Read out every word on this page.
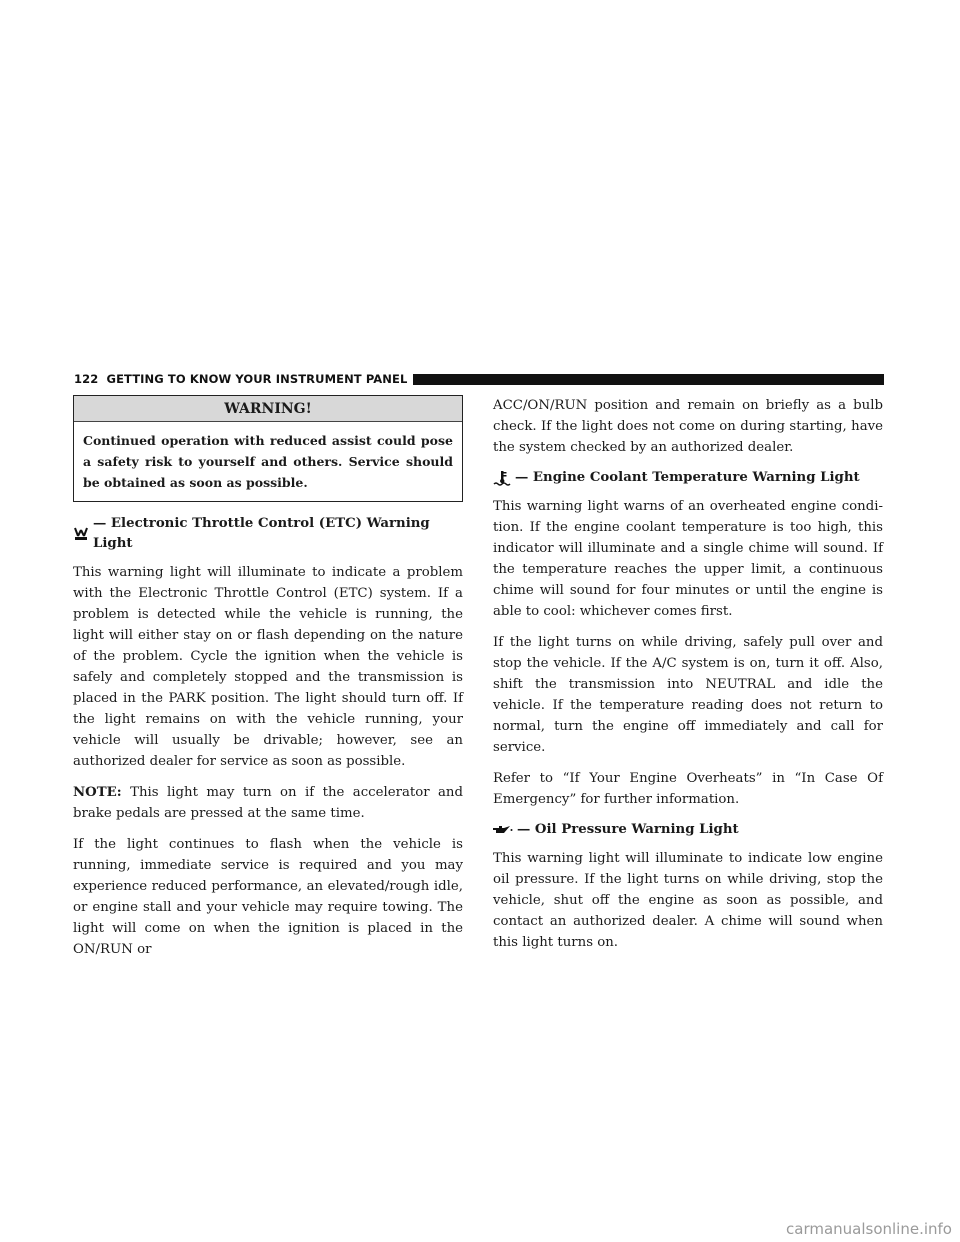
122 GETTING TO KNOW YOUR INSTRUMENT PANEL
WARNING!
Continued operation with reduced assist could pose a safety risk to yourself and others. Service should be obtained as soon as possible.
— Electronic Throttle Control (ETC) Warning Light

This warning light will illuminate to indicate a problem with the Electronic Throttle Control (ETC) system. If a problem is detected while the vehicle is running, the light will either stay on or flash depending on the nature of the problem. Cycle the ignition when the vehicle is safely and completely stopped and the transmission is placed in the PARK position. The light should turn off. If the light remains on with the vehicle running, your vehicle will usually be drivable; however, see an authorized dealer for service as soon as possible.

NOTE: This light may turn on if the accelerator and brake pedals are pressed at the same time.

If the light continues to flash when the vehicle is running, immediate service is required and you may experience reduced performance, an elevated/rough idle, or engine stall and your vehicle may require towing. The light will come on when the ignition is placed in the ON/RUN or

ACC/ON/RUN position and remain on briefly as a bulb check. If the light does not come on during starting, have the system checked by an authorized dealer.

— Engine Coolant Temperature Warning Light

This warning light warns of an overheated engine condi- tion. If the engine coolant temperature is too high, this indicator will illuminate and a single chime will sound. If the temperature reaches the upper limit, a continuous chime will sound for four minutes or until the engine is able to cool: whichever comes first.

If the light turns on while driving, safely pull over and stop the vehicle. If the A/C system is on, turn it off. Also, shift the transmission into NEUTRAL and idle the vehicle. If the temperature reading does not return to normal, turn the engine off immediately and call for service.

Refer to “If Your Engine Overheats” in “In Case Of Emergency” for further information.

— Oil Pressure Warning Light

This warning light will illuminate to indicate low engine oil pressure. If the light turns on while driving, stop the vehicle, shut off the engine as soon as possible, and contact an authorized dealer. A chime will sound when this light turns on.

carmanualsonline.info
